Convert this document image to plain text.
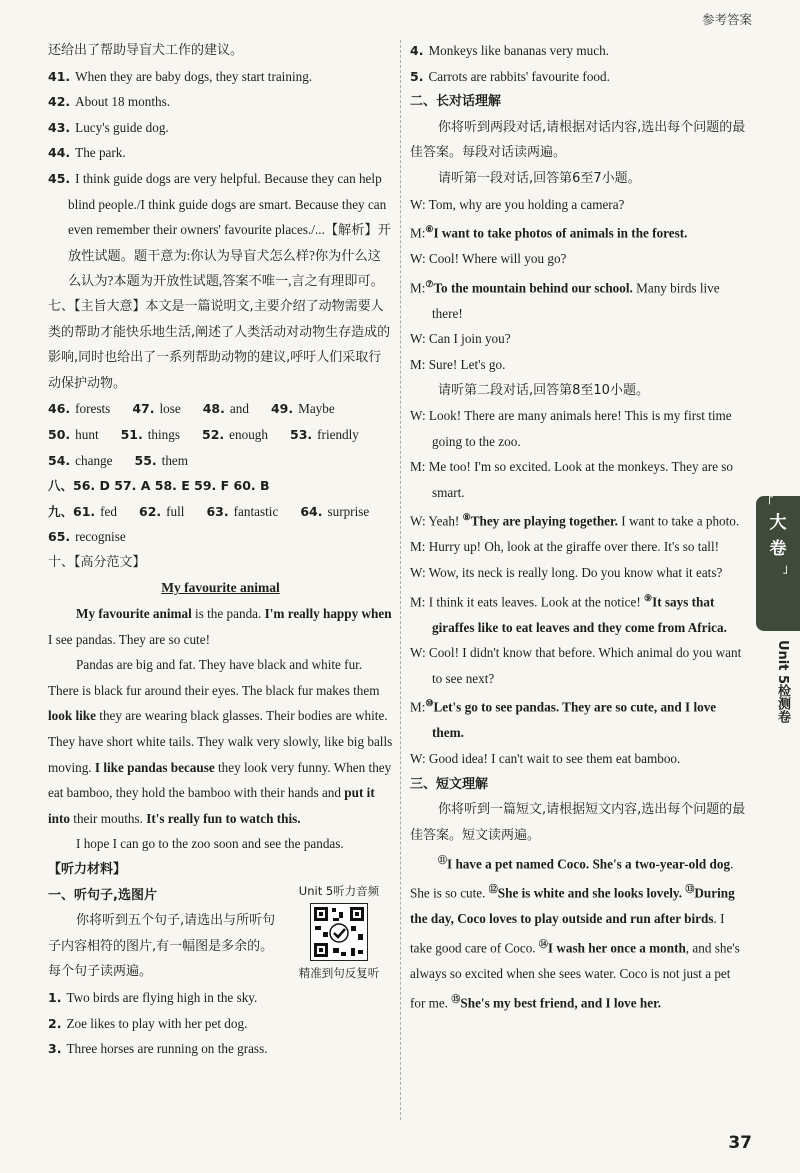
参考答案
还给出了帮助导盲犬工作的建议。
41. When they are baby dogs, they start training.
42. About 18 months.
43. Lucy's guide dog.
44. The park.
45. I think guide dogs are very helpful. Because they can help blind people./I think guide dogs are smart. Because they can even remember their owners' favourite places./...【解析】开放性试题。题干意为:你认为导盲犬怎么样?你为什么这么认为?本题为开放性试题,答案不唯一,言之有理即可。
七、【主旨大意】本文是一篇说明文,主要介绍了动物需要人类的帮助才能快乐地生活,阐述了人类活动对动物生存造成的影响,同时也给出了一系列帮助动物的建议,呼吁人们采取行动保护动物。
46. forests 47. lose 48. and 49. Maybe
50. hunt 51. things 52. enough 53. friendly
54. change 55. them
八、56. D 57. A 58. E 59. F 60. B
九、61. fed 62. full 63. fantastic 64. surprise
65. recognise
十、【高分范文】
My favourite animal
My favourite animal is the panda. I'm really happy when I see pandas. They are so cute!
Pandas are big and fat. They have black and white fur. There is black fur around their eyes. The black fur makes them look like they are wearing black glasses. Their bodies are white. They have short white tails. They walk very slowly, like big balls moving. I like pandas because they look very funny. When they eat bamboo, they hold the bamboo with their hands and put it into their mouths. It's really fun to watch this.
I hope I can go to the zoo soon and see the pandas.
【听力材料】
一、听句子,选图片
你将听到五个句子,请选出与所听句子内容相符的图片,有一幅图是多余的。每个句子读两遍。
Unit 5听力音频
精准到句反复听
1. Two birds are flying high in the sky.
2. Zoe likes to play with her pet dog.
3. Three horses are running on the grass.
4. Monkeys like bananas very much.
5. Carrots are rabbits' favourite food.
二、长对话理解
你将听到两段对话,请根据对话内容,选出每个问题的最佳答案。每段对话读两遍。
请听第一段对话,回答第6至7小题。
W: Tom, why are you holding a camera?
M:⑥I want to take photos of animals in the forest.
W: Cool! Where will you go?
M:⑦To the mountain behind our school. Many birds live there!
W: Can I join you?
M: Sure! Let's go.
请听第二段对话,回答第8至10小题。
W: Look! There are many animals here! This is my first time going to the zoo.
M: Me too! I'm so excited. Look at the monkeys. They are so smart.
W: Yeah! ⑧They are playing together. I want to take a photo.
M: Hurry up! Oh, look at the giraffe over there. It's so tall!
W: Wow, its neck is really long. Do you know what it eats?
M: I think it eats leaves. Look at the notice! ⑨It says that giraffes like to eat leaves and they come from Africa.
W: Cool! I didn't know that before. Which animal do you want to see next?
M:⑩Let's go to see pandas. They are so cute, and I love them.
W: Good idea! I can't wait to see them eat bamboo.
三、短文理解
你将听到一篇短文,请根据短文内容,选出每个问题的最佳答案。短文读两遍。
⑪I have a pet named Coco. She's a two-year-old dog. She is so cute. ⑫She is white and she looks lovely. ⑬During the day, Coco loves to play outside and run after birds. I take good care of Coco. ⑭I wash her once a month, and she's always so excited when she sees water. Coco is not just a pet for me. ⑮She's my best friend, and I love her.
「
大
卷
」
Unit 5检测卷
37
